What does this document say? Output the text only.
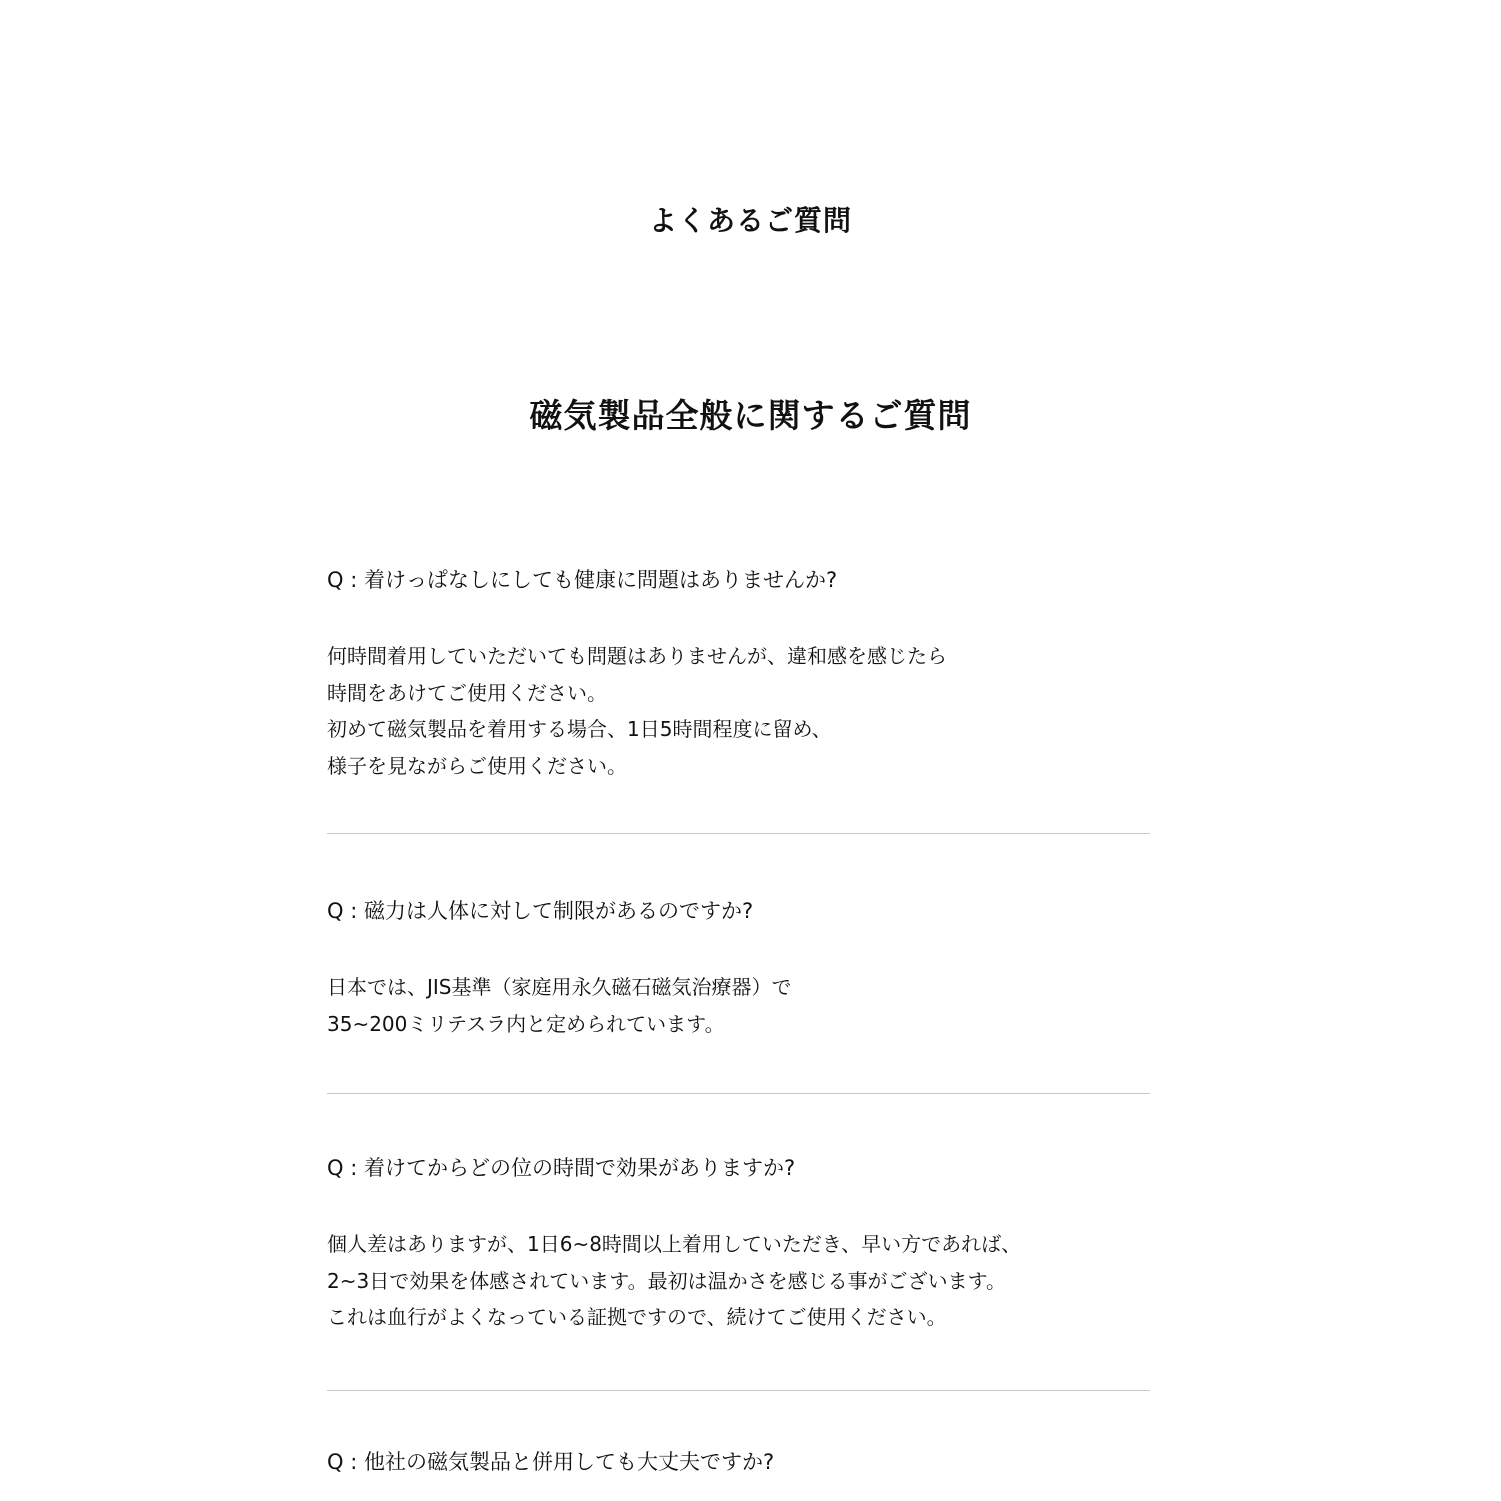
よくあるご質問
磁気製品全般に関するご質問

Q : 着けっぱなしにしても健康に問題はありませんか?

何時間着用していただいても問題はありませんが、違和感を感じたら
時間をあけてご使用ください。
初めて磁気製品を着用する場合、1日5時間程度に留め、
様子を見ながらご使用ください。

Q : 磁力は人体に対して制限があるのですか?

日本では、JIS基準（家庭用永久磁石磁気治療器）で
35~200ミリテスラ内と定められています。

Q : 着けてからどの位の時間で効果がありますか?

個人差はありますが、1日6~8時間以上着用していただき、早い方であれば、
2~3日で効果を体感されています。最初は温かさを感じる事がございます。
これは血行がよくなっている証拠ですので、続けてご使用ください。

Q : 他社の磁気製品と併用しても大丈夫ですか?
